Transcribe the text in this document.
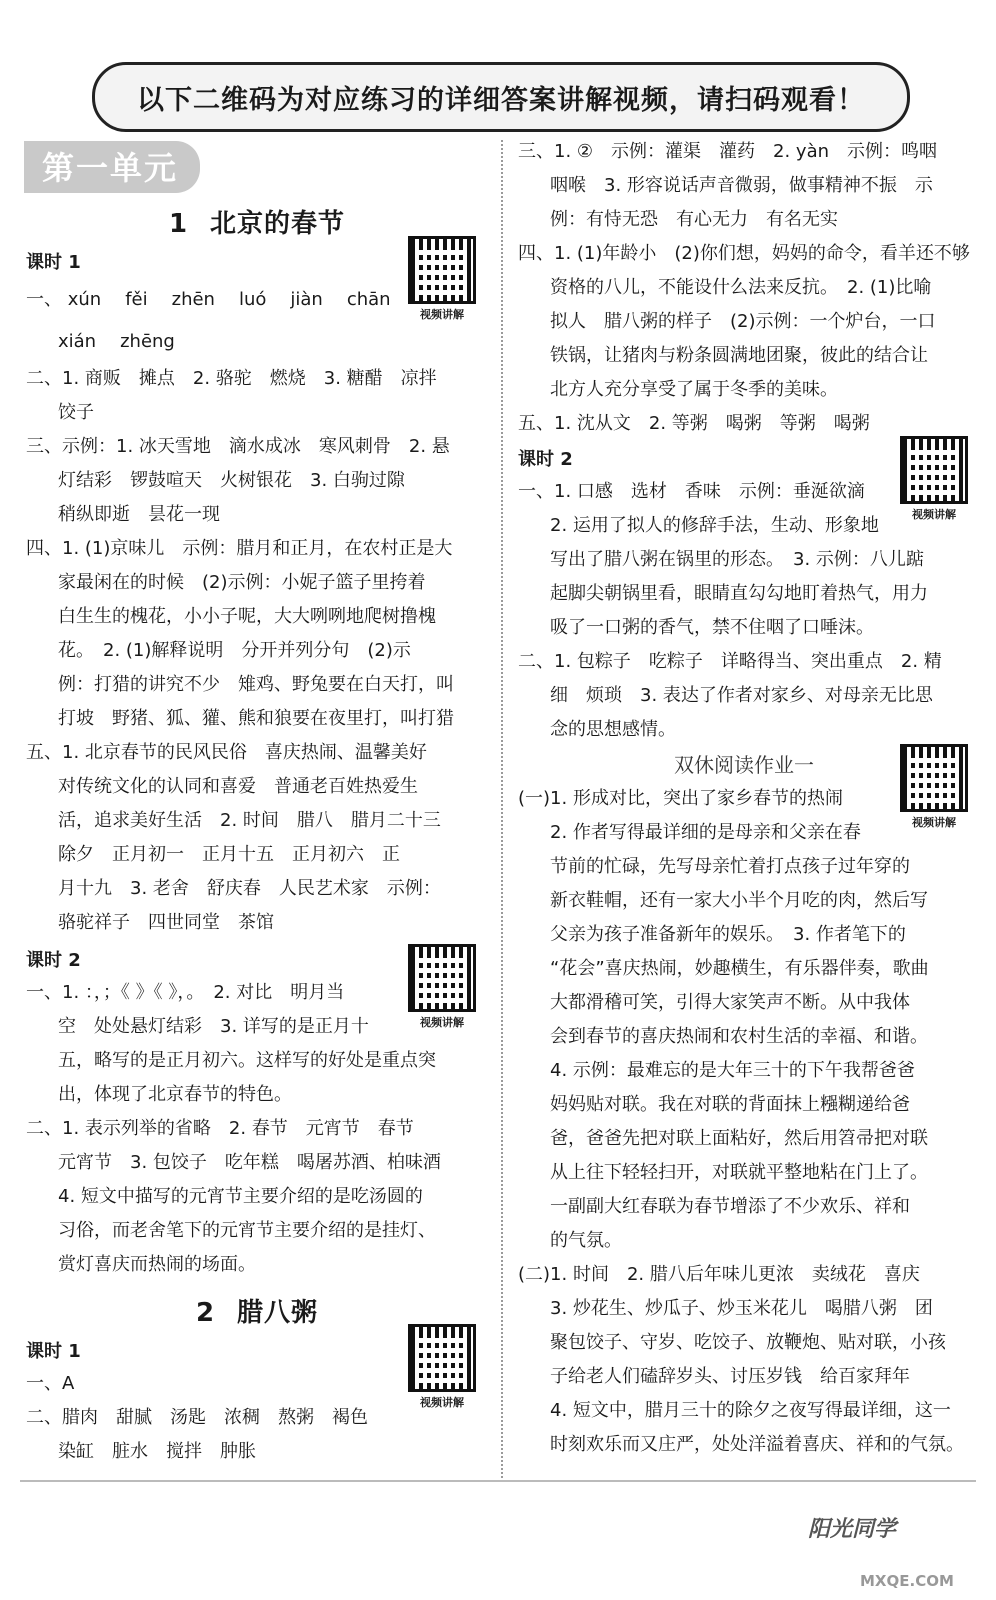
以下二维码为对应练习的详细答案讲解视频，请扫码观看！
第一单元
1 北京的春节
课时 1
一、 xún fěi zhēn luó jiàn chān
xián zhēng
二、1. 商贩　摊点　2. 骆驼　燃烧　3. 糖醋　凉拌
饺子
三、示例：1. 冰天雪地　滴水成冰　寒风刺骨　2. 悬
灯结彩　锣鼓喧天　火树银花　3. 白驹过隙
稍纵即逝　昙花一现
四、1. (1)京味儿　示例：腊月和正月，在农村正是大
家最闲在的时候　(2)示例：小妮子篮子里挎着
白生生的槐花，小小子呢，大大咧咧地爬树撸槐
花。　2. (1)解释说明　分开并列分句　(2)示
例：打猎的讲究不少　雉鸡、野兔要在白天打，叫
打坡　野猪、狐、獾、熊和狼要在夜里打，叫打猎
五、1. 北京春节的民风民俗　喜庆热闹、温馨美好
对传统文化的认同和喜爱　普通老百姓热爱生
活，追求美好生活　2. 时间　腊八　腊月二十三
除夕　正月初一　正月十五　正月初六　正
月十九　3. 老舍　舒庆春　人民艺术家　示例：
骆驼祥子　四世同堂　茶馆
课时 2
一、1. ：，；《 》《 》，。　2. 对比　明月当
空　处处悬灯结彩　3. 详写的是正月十
五，略写的是正月初六。这样写的好处是重点突
出，体现了北京春节的特色。
二、1. 表示列举的省略　2. 春节　元宵节　春节
元宵节　3. 包饺子　吃年糕　喝屠苏酒、柏味酒
4. 短文中描写的元宵节主要介绍的是吃汤圆的
习俗，而老舍笔下的元宵节主要介绍的是挂灯、
赏灯喜庆而热闹的场面。
2 腊八粥
课时 1
一、A
二、腊肉　甜腻　汤匙　浓稠　熬粥　褐色
染缸　脏水　搅拌　肿胀
三、1. ②　示例：灌渠　灌药　2. yàn　示例：鸣咽
咽喉　3. 形容说话声音微弱，做事精神不振　示
例：有恃无恐　有心无力　有名无实
四、1. (1)年龄小　(2)你们想，妈妈的命令，看羊还不够
资格的八儿，不能设什么法来反抗。　2. (1)比喻
拟人　腊八粥的样子　(2)示例：一个炉台，一口
铁锅，让猪肉与粉条圆满地团聚，彼此的结合让
北方人充分享受了属于冬季的美味。
五、1. 沈从文　2. 等粥　喝粥　等粥　喝粥
课时 2
一、1. 口感　选材　香味　示例：垂涎欲滴
2. 运用了拟人的修辞手法，生动、形象地
写出了腊八粥在锅里的形态。　3. 示例：八儿踮
起脚尖朝锅里看，眼睛直勾勾地盯着热气，用力
吸了一口粥的香气，禁不住咽了口唾沫。
二、1. 包粽子　吃粽子　详略得当、突出重点　2. 精
细　烦琐　3. 表达了作者对家乡、对母亲无比思
念的思想感情。
双休阅读作业一
(一)1. 形成对比，突出了家乡春节的热闹
2. 作者写得最详细的是母亲和父亲在春
节前的忙碌，先写母亲忙着打点孩子过年穿的
新衣鞋帽，还有一家大小半个月吃的肉，然后写
父亲为孩子准备新年的娱乐。　3. 作者笔下的
“花会”喜庆热闹，妙趣横生，有乐器伴奏，歌曲
大都滑稽可笑，引得大家笑声不断。从中我体
会到春节的喜庆热闹和农村生活的幸福、和谐。
4. 示例：最难忘的是大年三十的下午我帮爸爸
妈妈贴对联。我在对联的背面抹上糨糊递给爸
爸，爸爸先把对联上面粘好，然后用笤帚把对联
从上往下轻轻扫开，对联就平整地粘在门上了。
一副副大红春联为春节增添了不少欢乐、祥和
的气氛。
(二)1. 时间　2. 腊八后年味儿更浓　卖绒花　喜庆
3. 炒花生、炒瓜子、炒玉米花儿　喝腊八粥　团
聚包饺子、守岁、吃饺子、放鞭炮、贴对联，小孩
子给老人们磕辞岁头、讨压岁钱　给百家拜年
4. 短文中，腊月三十的除夕之夜写得最详细，这一
时刻欢乐而又庄严，处处洋溢着喜庆、祥和的气氛。
视频讲解
视频讲解
视频讲解
视频讲解
视频讲解
阳光同学
MXQE.COM
